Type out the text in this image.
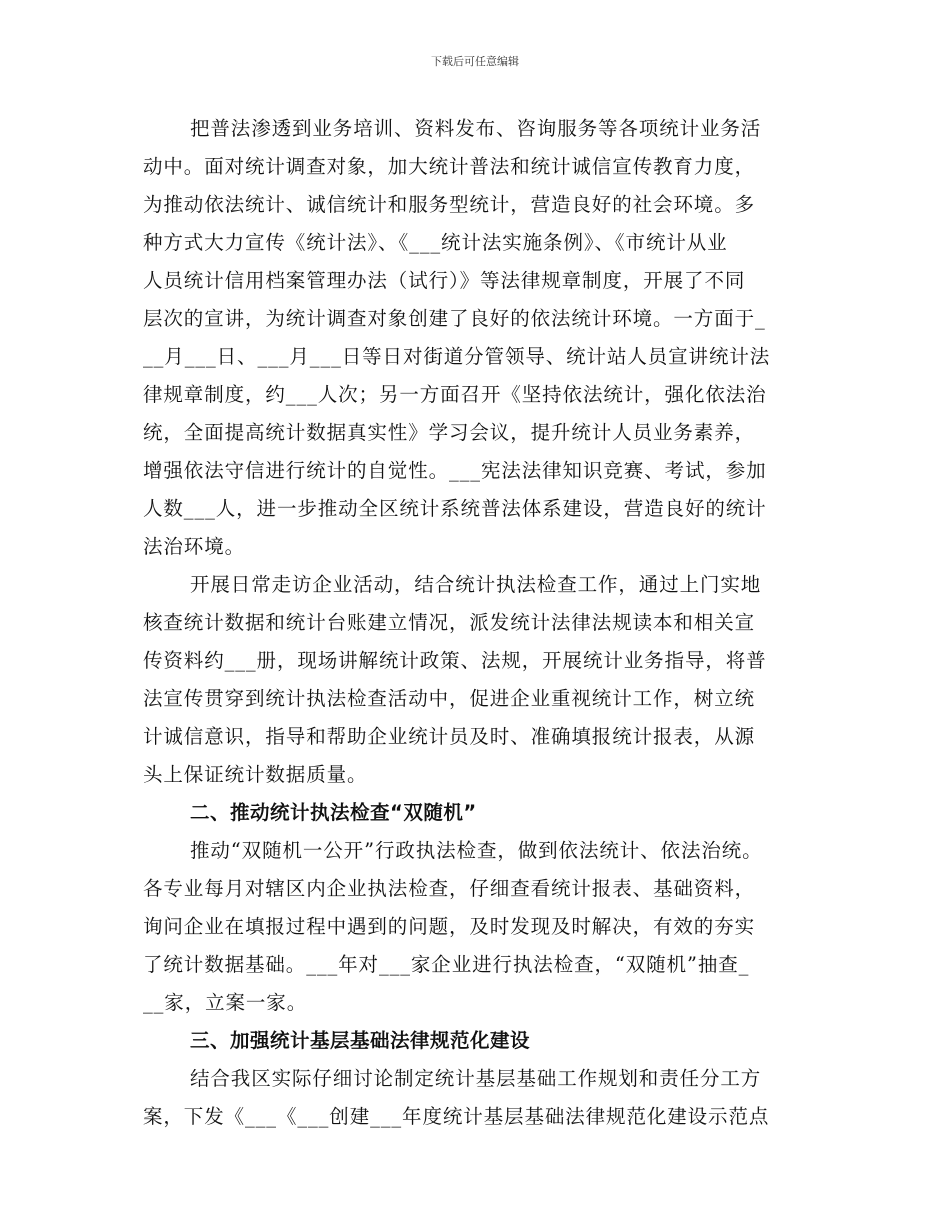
下载后可任意编辑
把普法渗透到业务培训、资料发布、咨询服务等各项统计业务活
动中。面对统计调查对象，加大统计普法和统计诚信宣传教育力度，
为推动依法统计、诚信统计和服务型统计，营造良好的社会环境。多
种方式大力宣传《统计法》、《___统计法实施条例》、《市统计从业
人员统计信用档案管理办法（试行）》等法律规章制度，开展了不同
层次的宣讲，为统计调查对象创建了良好的依法统计环境。一方面于_
__月___日、___月___日等日对街道分管领导、统计站人员宣讲统计法
律规章制度，约___人次；另一方面召开《坚持依法统计，强化依法治
统，全面提高统计数据真实性》学习会议，提升统计人员业务素养，
增强依法守信进行统计的自觉性。___宪法法律知识竞赛、考试，参加
人数___人，进一步推动全区统计系统普法体系建设，营造良好的统计
法治环境。
开展日常走访企业活动，结合统计执法检查工作，通过上门实地
核查统计数据和统计台账建立情况，派发统计法律法规读本和相关宣
传资料约___册，现场讲解统计政策、法规，开展统计业务指导，将普
法宣传贯穿到统计执法检查活动中，促进企业重视统计工作，树立统
计诚信意识，指导和帮助企业统计员及时、准确填报统计报表，从源
头上保证统计数据质量。
二、推动统计执法检查“双随机”
推动“双随机一公开”行政执法检查，做到依法统计、依法治统。
各专业每月对辖区内企业执法检查，仔细查看统计报表、基础资料，
询问企业在填报过程中遇到的问题，及时发现及时解决，有效的夯实
了统计数据基础。___年对___家企业进行执法检查，“双随机”抽查_
__家，立案一家。
三、加强统计基层基础法律规范化建设
结合我区实际仔细讨论制定统计基层基础工作规划和责任分工方
案，下发《___《___创建___年度统计基层基础法律规范化建设示范点
